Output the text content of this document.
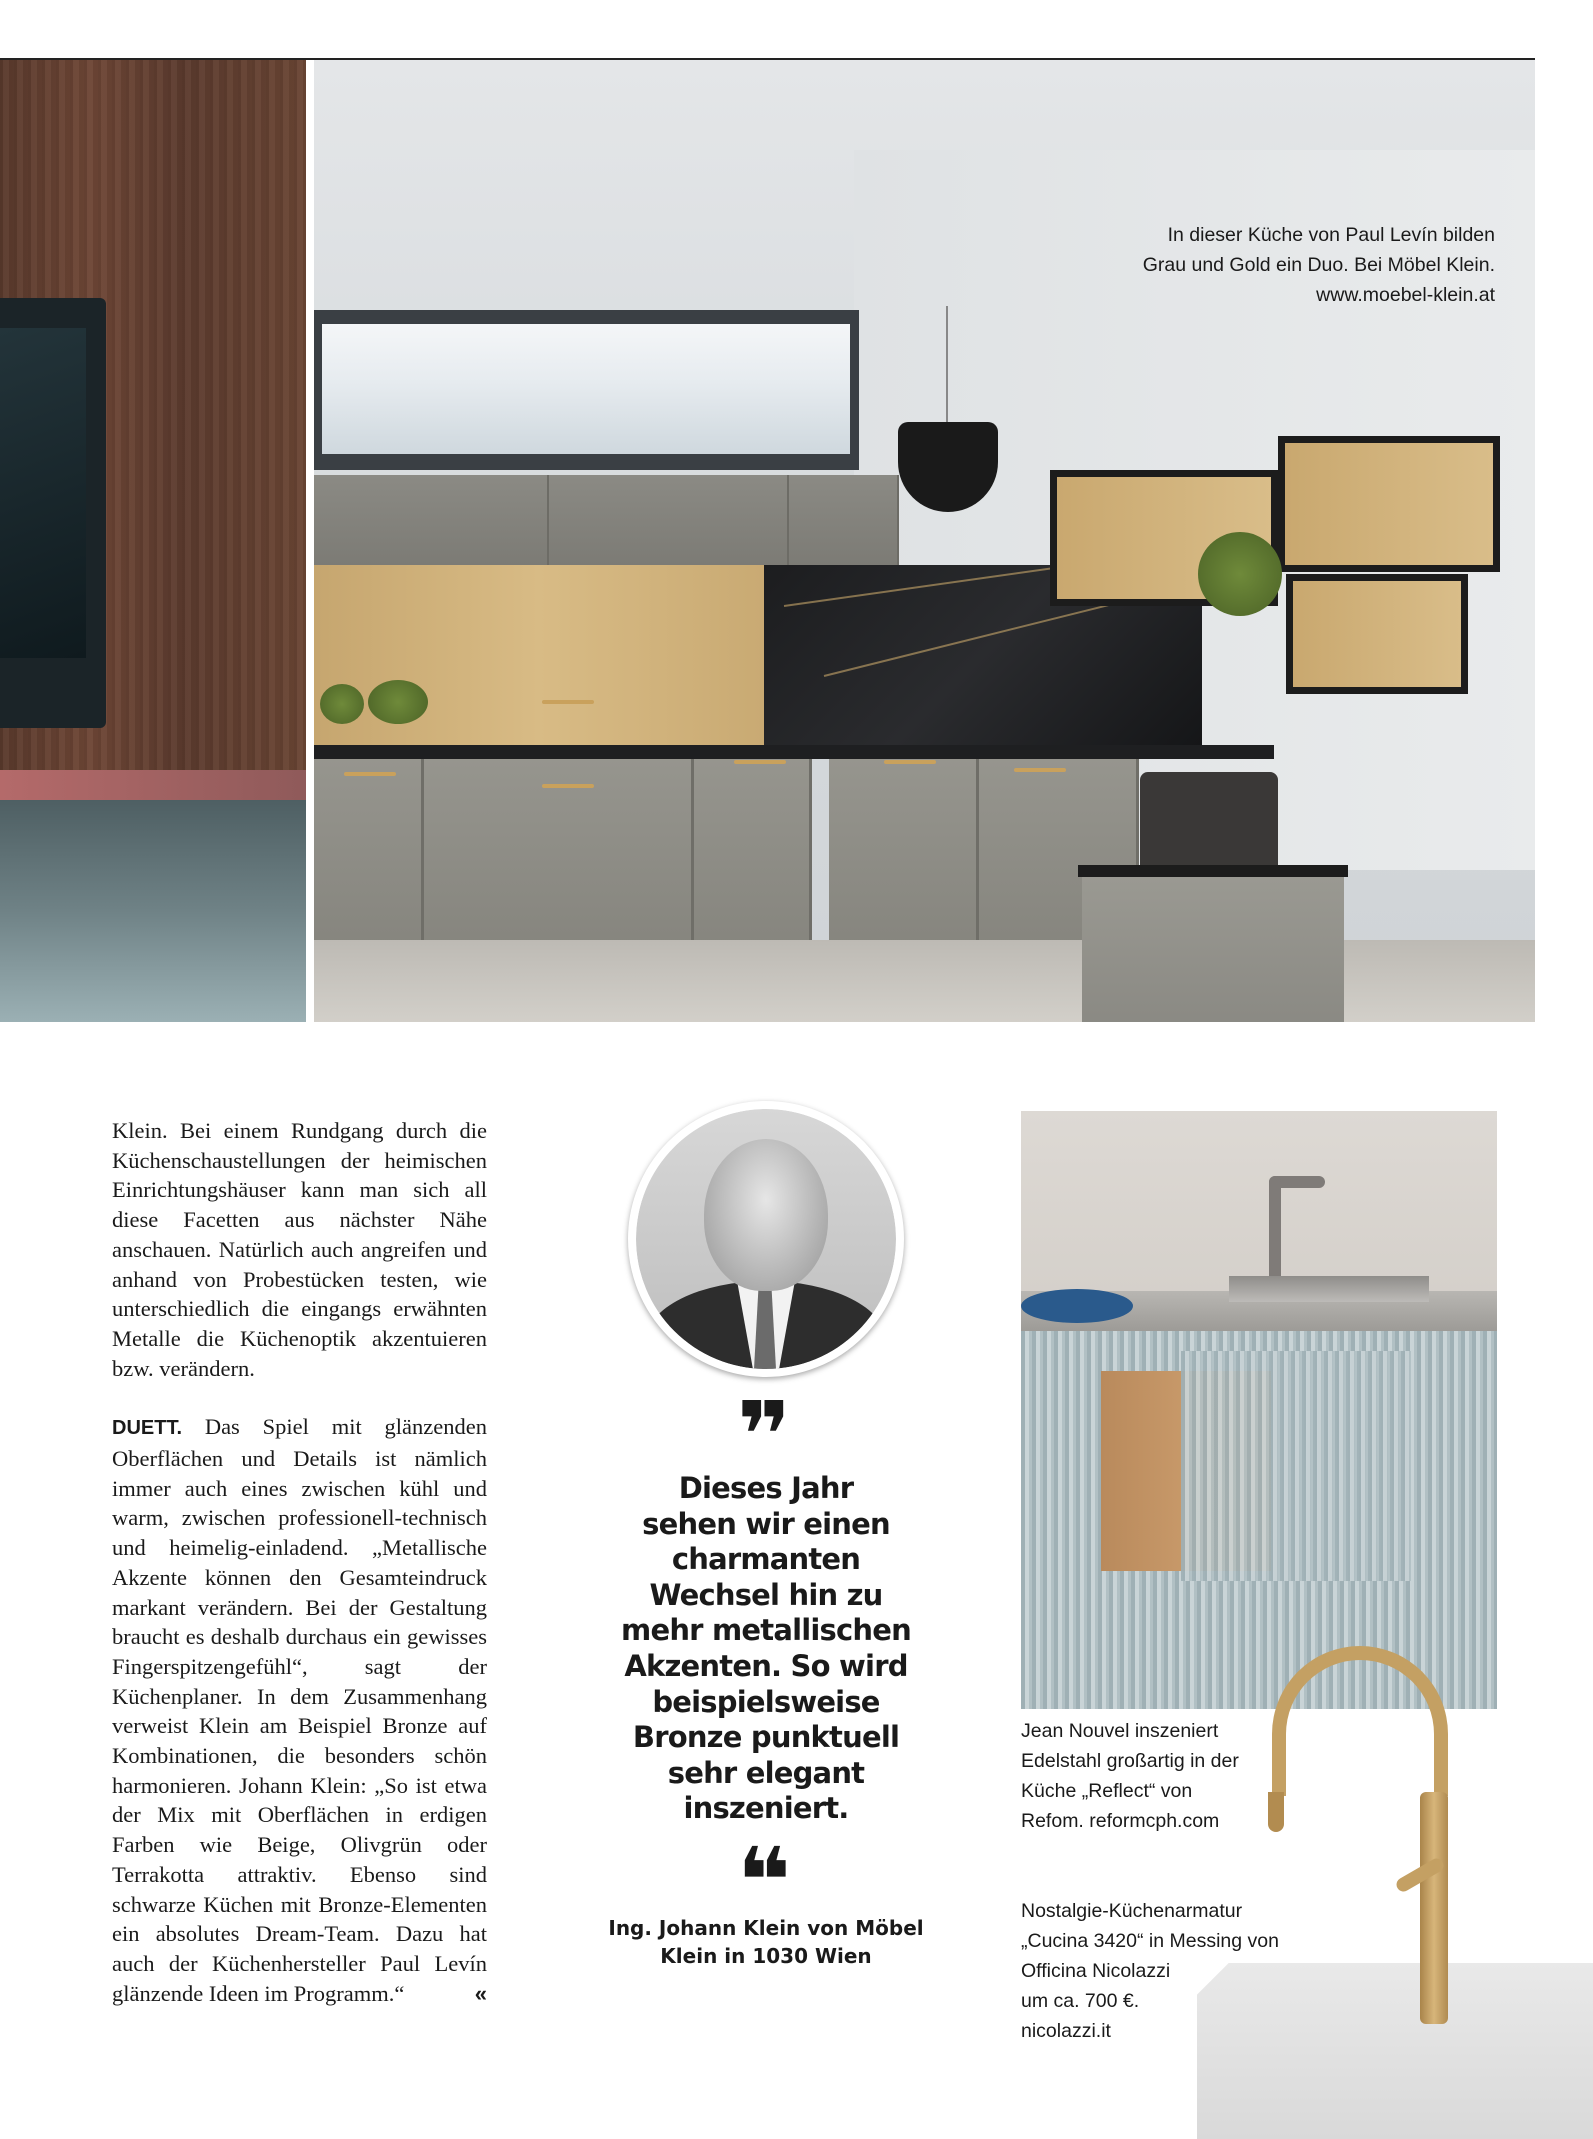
In dieser Küche von Paul Levín bilden
Grau und Gold ein Duo. Bei Möbel Klein.
www.moebel-klein.at

Klein. Bei einem Rundgang durch die Küchenschaustellungen der heimischen Einrichtungshäuser kann man sich all diese Facetten aus nächster Nähe anschauen. Natürlich auch angreifen und anhand von Probestücken testen, wie unterschiedlich die eingangs erwähnten Metalle die Küchenoptik akzentuieren bzw. verändern.

DUETT. Das Spiel mit glänzenden Oberflächen und Details ist nämlich immer auch eines zwischen kühl und warm, zwischen professionell-technisch und heimelig-einladend. „Metallische Akzente können den Gesamteindruck markant verändern. Bei der Gestaltung braucht es deshalb durchaus ein gewisses Fingerspitzengefühl“, sagt der Küchenplaner. In dem Zusammenhang verweist Klein am Beispiel Bronze auf Kombinationen, die besonders schön harmonieren. Johann Klein: „So ist etwa der Mix mit Oberflächen in erdigen Farben wie Beige, Olivgrün oder Terrakotta attraktiv. Ebenso sind schwarze Küchen mit Bronze-Elementen ein absolutes Dream-Team. Dazu hat auch der Küchenhersteller Paul Levín glänzende Ideen im Programm.“	«

❞
Dieses Jahr
sehen wir einen
charmanten
Wechsel hin zu
mehr metallischen
Akzenten. So wird
beispielsweise
Bronze punktuell
sehr elegant
inszeniert.
❝
Ing. Johann Klein von Möbel
Klein in 1030 Wien
Jean Nouvel inszeniert
Edelstahl großartig in der
Küche „Reflect“ von
Refom. reformcph.com
Nostalgie-Küchenarmatur
„Cucina 3420“ in Messing von
Officina Nicolazzi
um ca. 700 €.
nicolazzi.it
